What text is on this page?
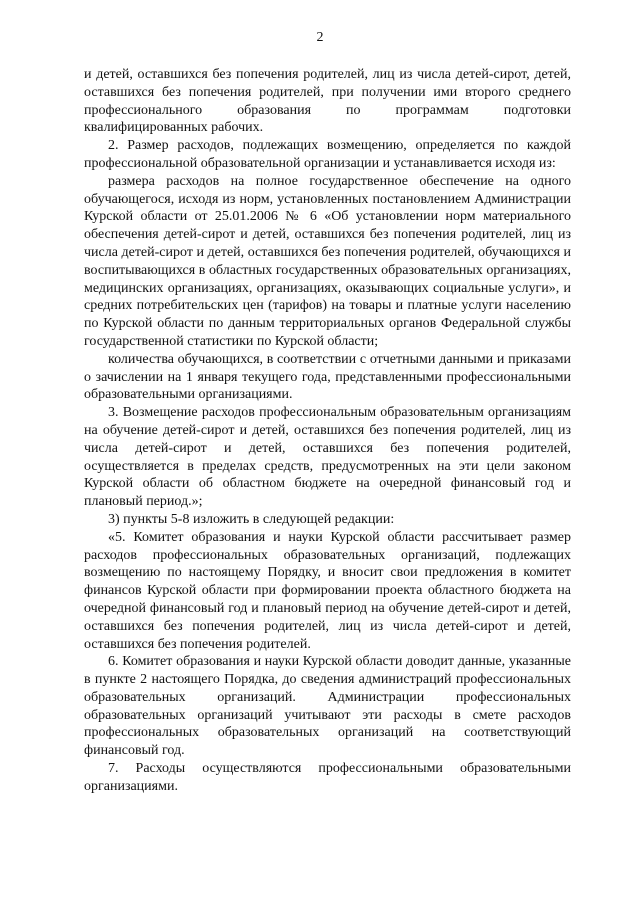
2

и детей, оставшихся без попечения родителей, лиц из числа детей-сирот, детей, оставшихся без попечения родителей, при получении ими второго среднего профессионального образования по программам подготовки квалифицированных рабочих.

2. Размер расходов, подлежащих возмещению, определяется по каждой профессиональной образовательной организации и устанавливается исходя из:

размера расходов на полное государственное обеспечение на одного обучающегося, исходя из норм, установленных постановлением Администрации Курской области от 25.01.2006 № 6 «Об установлении норм материального обеспечения детей-сирот и детей, оставшихся без попечения родителей, лиц из числа детей-сирот и детей, оставшихся без попечения родителей, обучающихся и воспитывающихся в областных государственных образовательных организациях, медицинских организациях, организациях, оказывающих социальные услуги», и средних потребительских цен (тарифов) на товары и платные услуги населению по Курской области по данным территориальных органов Федеральной службы государственной статистики по Курской области;

количества обучающихся, в соответствии с отчетными данными и приказами о зачислении на 1 января текущего года, представленными профессиональными образовательными организациями.

3. Возмещение расходов профессиональным образовательным организациям на обучение детей-сирот и детей, оставшихся без попечения родителей, лиц из числа детей-сирот и детей, оставшихся без попечения родителей, осуществляется в пределах средств, предусмотренных на эти цели законом Курской области об областном бюджете на очередной финансовый год и плановый период.»;

3) пункты 5-8 изложить в следующей редакции:

«5. Комитет образования и науки Курской области рассчитывает размер расходов профессиональных образовательных организаций, подлежащих возмещению по настоящему Порядку, и вносит свои предложения в комитет финансов Курской области при формировании проекта областного бюджета на очередной финансовый год и плановый период на обучение детей-сирот и детей, оставшихся без попечения родителей, лиц из числа детей-сирот и детей, оставшихся без попечения родителей.

6. Комитет образования и науки Курской области доводит данные, указанные в пункте 2 настоящего Порядка, до сведения администраций профессиональных образовательных организаций. Администрации профессиональных образовательных организаций учитывают эти расходы в смете расходов профессиональных образовательных организаций на соответствующий финансовый год.

7. Расходы осуществляются профессиональными образовательными организациями.
